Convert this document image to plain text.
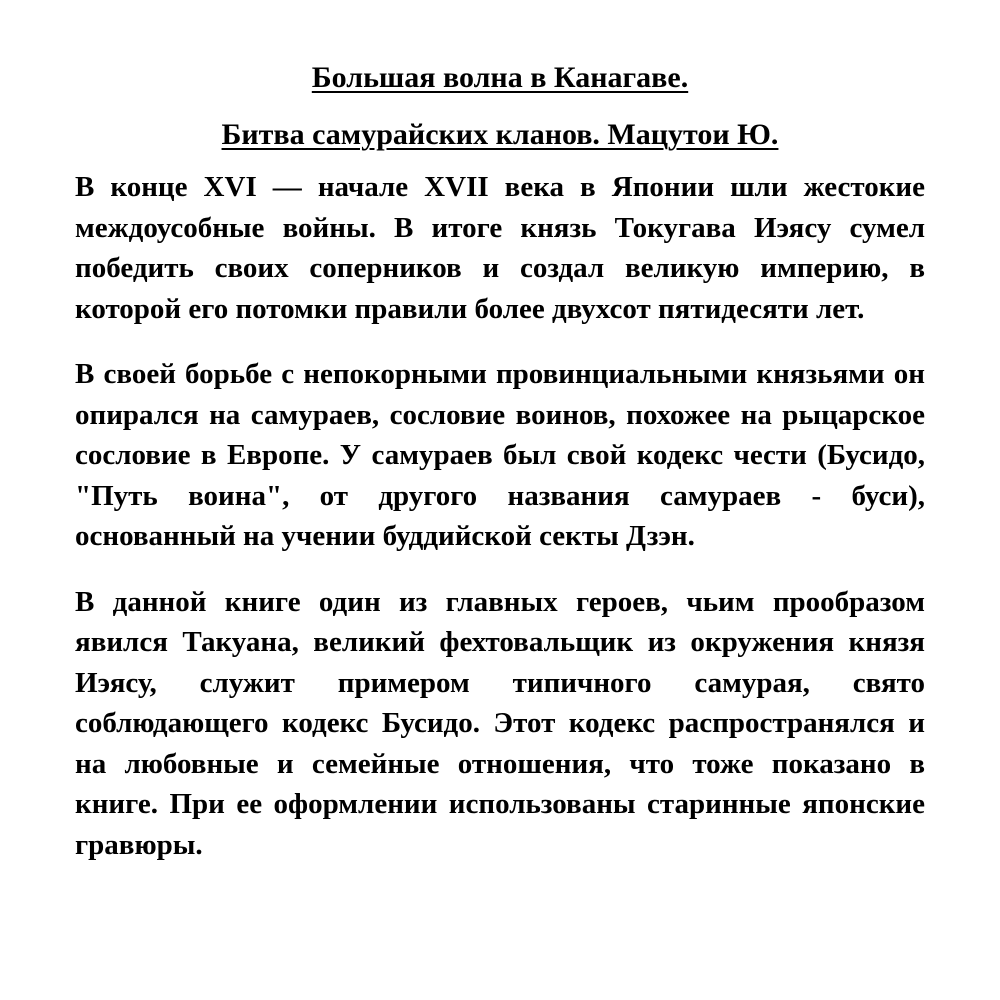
Большая волна в Канагаве.
Битва самурайских кланов. Мацутои Ю.

В конце XVI — начале XVII века в Японии шли жестокие междоусобные войны. В итоге князь Токугава Иэясу сумел победить своих соперников и создал великую империю, в которой его потомки правили более двухсот пятидесяти лет.

В своей борьбе с непокорными провинциальными князьями он опирался на самураев, сословие воинов, похожее на рыцарское сословие в Европе. У самураев был свой кодекс чести (Бусидо, "Путь воина", от другого названия самураев - буси), основанный на учении буддийской секты Дзэн.

В данной книге один из главных героев, чьим прообразом явился Такуана, великий фехтовальщик из окружения князя Иэясу, служит примером типичного самурая, свято соблюдающего кодекс Бусидо. Этот кодекс распространялся и на любовные и семейные отношения, что тоже показано в книге. При ее оформлении использованы старинные японские гравюры.
